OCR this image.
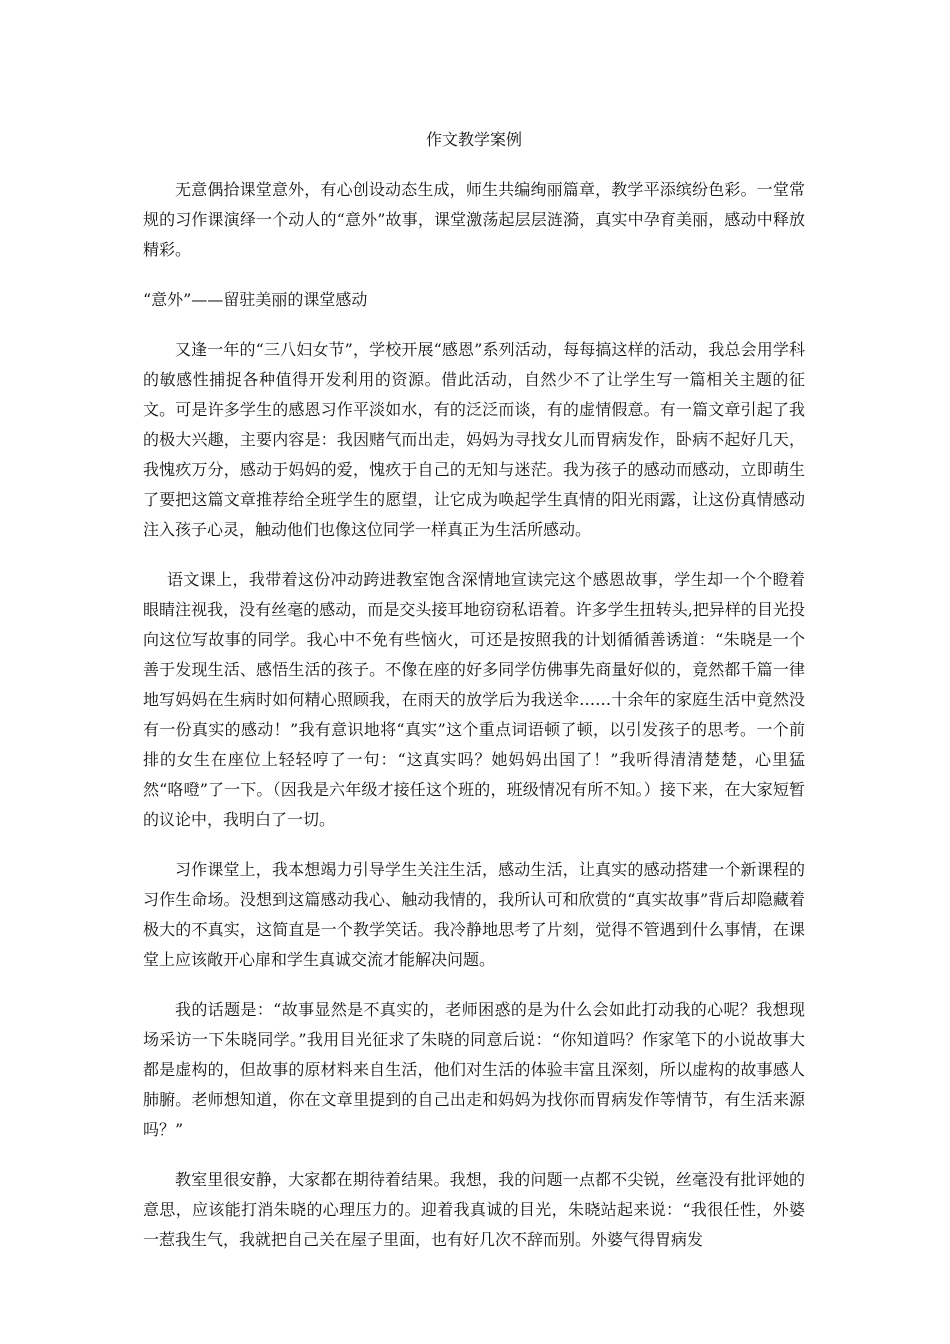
作文教学案例

无意偶拾课堂意外，有心创设动态生成，师生共编绚丽篇章，教学平添缤纷色彩。一堂常规的习作课演绎一个动人的“意外”故事，课堂激荡起层层涟漪，真实中孕育美丽，感动中释放精彩。

“意外”——留驻美丽的课堂感动

又逢一年的“三八妇女节”，学校开展“感恩”系列活动，每每搞这样的活动，我总会用学科的敏感性捕捉各种值得开发利用的资源。借此活动，自然少不了让学生写一篇相关主题的征文。可是许多学生的感恩习作平淡如水，有的泛泛而谈，有的虚情假意。有一篇文章引起了我的极大兴趣，主要内容是：我因赌气而出走，妈妈为寻找女儿而胃病发作，卧病不起好几天，我愧疚万分，感动于妈妈的爱，愧疚于自己的无知与迷茫。我为孩子的感动而感动，立即萌生了要把这篇文章推荐给全班学生的愿望，让它成为唤起学生真情的阳光雨露，让这份真情感动注入孩子心灵，触动他们也像这位同学一样真正为生活所感动。

语文课上，我带着这份冲动跨进教室饱含深情地宣读完这个感恩故事，学生却一个个瞪着眼睛注视我，没有丝毫的感动，而是交头接耳地窃窃私语着。许多学生扭转头,把异样的目光投向这位写故事的同学。我心中不免有些恼火，可还是按照我的计划循循善诱道：“朱晓是一个善于发现生活、感悟生活的孩子。不像在座的好多同学仿佛事先商量好似的，竟然都千篇一律地写妈妈在生病时如何精心照顾我，在雨天的放学后为我送伞……十余年的家庭生活中竟然没有一份真实的感动！”我有意识地将“真实”这个重点词语顿了顿，以引发孩子的思考。一个前排的女生在座位上轻轻哼了一句：“这真实吗？她妈妈出国了！”我听得清清楚楚，心里猛然“咯噔”了一下。（因我是六年级才接任这个班的，班级情况有所不知。）接下来，在大家短暂的议论中，我明白了一切。

习作课堂上，我本想竭力引导学生关注生活，感动生活，让真实的感动搭建一个新课程的习作生命场。没想到这篇感动我心、触动我情的，我所认可和欣赏的“真实故事”背后却隐藏着极大的不真实，这简直是一个教学笑话。我冷静地思考了片刻，觉得不管遇到什么事情，在课堂上应该敞开心扉和学生真诚交流才能解决问题。

我的话题是：“故事显然是不真实的，老师困惑的是为什么会如此打动我的心呢？我想现场采访一下朱晓同学。”我用目光征求了朱晓的同意后说：“你知道吗？作家笔下的小说故事大都是虚构的，但故事的原材料来自生活，他们对生活的体验丰富且深刻，所以虚构的故事感人肺腑。老师想知道，你在文章里提到的自己出走和妈妈为找你而胃病发作等情节，有生活来源吗？”

教室里很安静，大家都在期待着结果。我想，我的问题一点都不尖锐，丝毫没有批评她的意思，应该能打消朱晓的心理压力的。迎着我真诚的目光，朱晓站起来说：“我很任性，外婆一惹我生气，我就把自己关在屋子里面，也有好几次不辞而别。外婆气得胃病发
